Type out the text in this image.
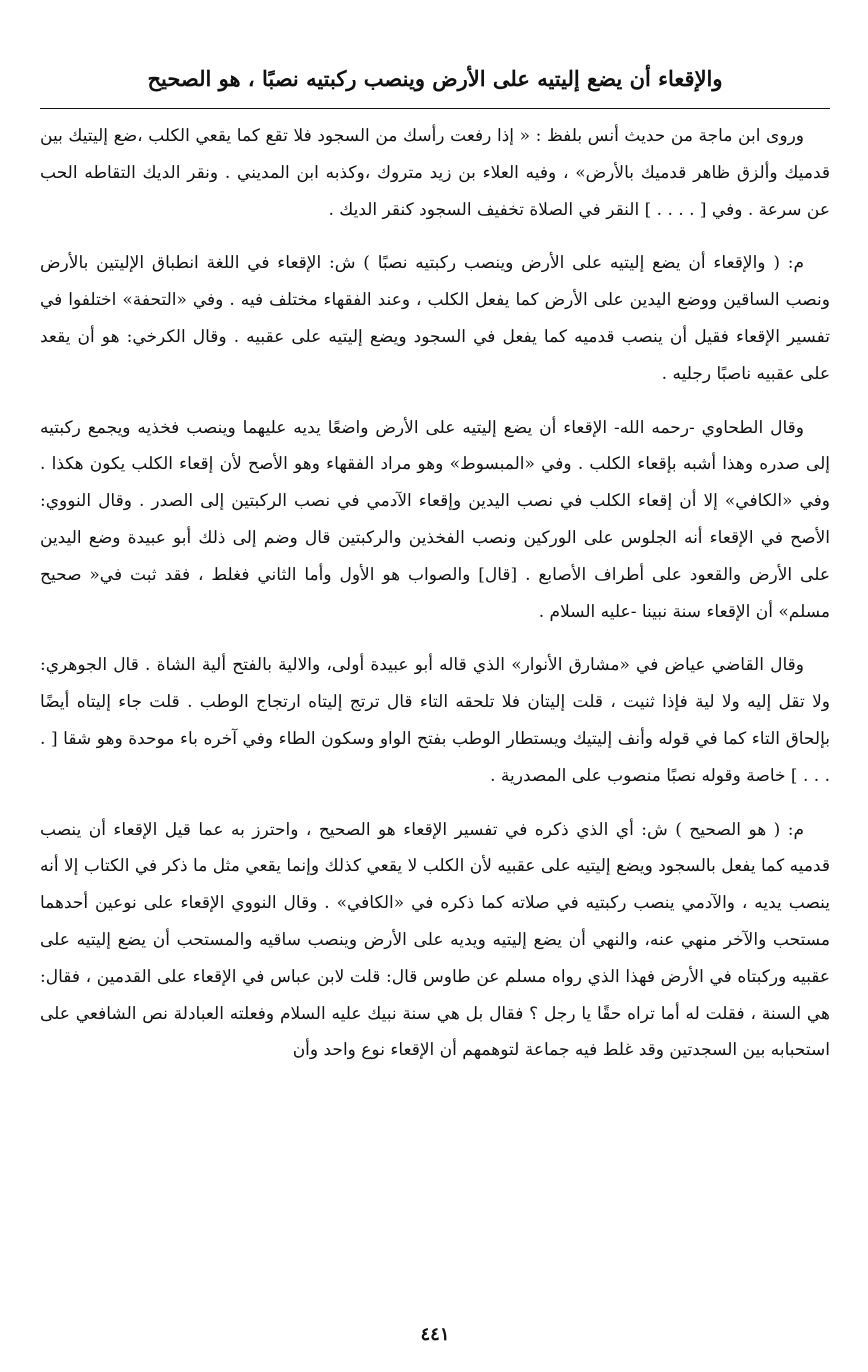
والإقعاء أن يضع إليتيه على الأرض وينصب ركبتيه نصبًا ، هو الصحيح

وروى ابن ماجة من حديث أنس بلفظ : « إذا رفعت رأسك من السجود فلا تقع كما يقعي الكلب ،ضع إليتيك بين قدميك وألزق ظاهر قدميك بالأرض» ، وفيه العلاء بن زيد متروك ،وكذبه ابن المديني . ونقر الديك التقاطه الحب عن سرعة . وفي [ . . . . ] النقر في الصلاة تخفيف السجود كنقر الديك .

م: ( والإقعاء أن يضع إليتيه على الأرض وينصب ركبتيه نصبًا ) ش: الإقعاء في اللغة انطباق الإليتين بالأرض ونصب الساقين ووضع اليدين على الأرض كما يفعل الكلب ، وعند الفقهاء مختلف فيه . وفي «التحفة» اختلفوا في تفسير الإقعاء فقيل أن ينصب قدميه كما يفعل في السجود ويضع إليتيه على عقبيه . وقال الكرخي: هو أن يقعد على عقبيه ناصبًا رجليه .

وقال الطحاوي -رحمه الله- الإقعاء أن يضع إليتيه على الأرض واضعًا يديه عليهما وينصب فخذيه ويجمع ركبتيه إلى صدره وهذا أشبه بإقعاء الكلب . وفي «المبسوط» وهو مراد الفقهاء وهو الأصح لأن إقعاء الكلب يكون هكذا . وفي «الكافي» إلا أن إقعاء الكلب في نصب اليدين وإقعاء الآدمي في نصب الركبتين إلى الصدر . وقال النووي: الأصح في الإقعاء أنه الجلوس على الوركين ونصب الفخذين والركبتين قال وضم إلى ذلك أبو عبيدة وضع اليدين على الأرض والقعود على أطراف الأصابع . [قال] والصواب هو الأول وأما الثاني فغلط ، فقد ثبت في« صحيح مسلم» أن الإقعاء سنة نبينا -عليه السلام .

وقال القاضي عياض في «مشارق الأنوار» الذي قاله أبو عبيدة أولى، والالية بالفتح ألية الشاة . قال الجوهري: ولا تقل إليه ولا لية فإذا ثنيت ، قلت إليتان فلا تلحقه التاء قال ترتج إليتاه ارتجاج الوطب . قلت جاء إليتاه أيضًا بإلحاق التاء كما في قوله وأنف إليتيك ويستطار الوطب بفتح الواو وسكون الطاء وفي آخره باء موحدة وهو شقا [ . . . . ] خاصة وقوله نصبًا منصوب على المصدرية .

م: ( هو الصحيح ) ش: أي الذي ذكره في تفسير الإقعاء هو الصحيح ، واحترز به عما قيل الإقعاء أن ينصب قدميه كما يفعل بالسجود ويضع إليتيه على عقبيه لأن الكلب لا يقعي كذلك وإنما يقعي مثل ما ذكر في الكتاب إلا أنه ينصب يديه ، والآدمي ينصب ركبتيه في صلاته كما ذكره في «الكافي» . وقال النووي الإقعاء على نوعين أحدهما مستحب والآخر منهي عنه، والنهي أن يضع إليتيه ويديه على الأرض وينصب ساقيه والمستحب أن يضع إليتيه على عقبيه وركبتاه في الأرض فهذا الذي رواه مسلم عن طاوس قال: قلت لابن عباس في الإقعاء على القدمين ، فقال: هي السنة ، فقلت له أما تراه حقًا يا رجل ؟ فقال بل هي سنة نبيك عليه السلام وفعلته العبادلة نص الشافعي على استحبابه بين السجدتين وقد غلط فيه جماعة لتوهمهم أن الإقعاء نوع واحد وأن

٤٤١
